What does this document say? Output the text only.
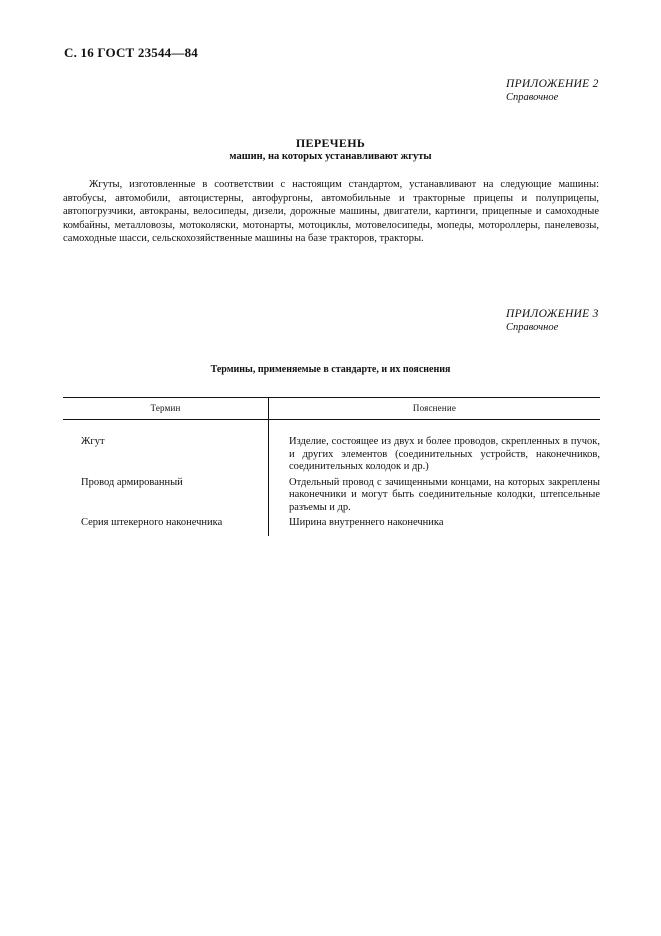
С. 16 ГОСТ 23544—84
ПРИЛОЖЕНИЕ 2
Справочное
ПЕРЕЧЕНЬ
машин, на которых устанавливают жгуты

Жгуты, изготовленные в соответствии с настоящим стандартом, устанавливают на следующие машины: автобусы, автомобили, автоцистерны, автофургоны, автомобильные и тракторные прицепы и полуприцепы, автопогрузчики, автокраны, велосипеды, дизели, дорожные машины, двигатели, картинги, прицепные и самоходные комбайны, металловозы, мотоколяски, мотонарты, мотоциклы, мотовелосипеды, мопеды, мотороллеры, панелевозы, самоходные шасси, сельскохозяйственные машины на базе тракторов, тракторы.

ПРИЛОЖЕНИЕ 3
Справочное
Термины, применяемые в стандарте, и их пояснения
Термин	Пояснение
Жгут	Изделие, состоящее из двух и более проводов, скрепленных в пучок, и других элементов (соединительных устройств, наконечников, соединительных колодок и др.)
Провод армированный	Отдельный провод с зачищенными концами, на которых закреплены наконечники и могут быть соединительные колодки, штепсельные разъемы и др.
Серия штекерного наконечника	Ширина внутреннего наконечника
